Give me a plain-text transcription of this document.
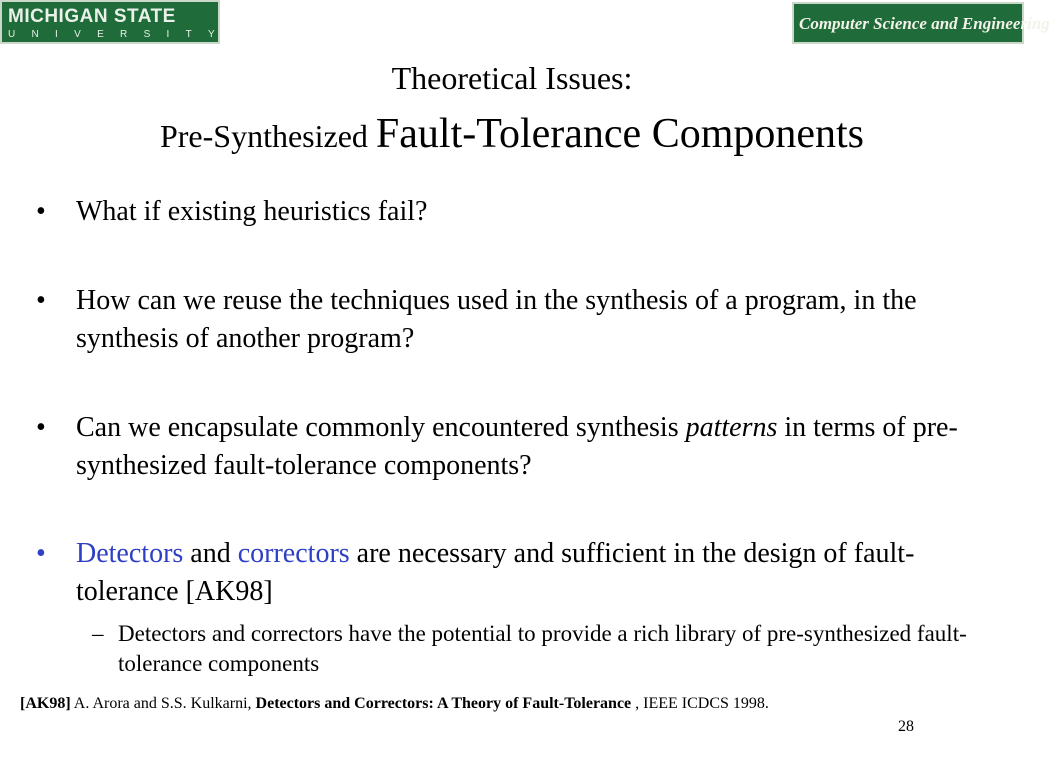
MICHIGAN STATE
UNIVERSITY
Computer Science and Engineering
Theoretical Issues:
Pre-Synthesized Fault-Tolerance Components
• What if existing heuristics fail?
• How can we reuse the techniques used in the synthesis of a program, in the synthesis of another program?
• Can we encapsulate commonly encountered synthesis patterns in terms of pre-synthesized fault-tolerance components?
• Detectors and correctors are necessary and sufficient in the design of fault-tolerance [AK98]
– Detectors and correctors have the potential to provide a rich library of pre-synthesized fault-tolerance components
[AK98] A. Arora and S.S. Kulkarni, Detectors and Correctors: A Theory of Fault-Tolerance , IEEE ICDCS 1998.
28
